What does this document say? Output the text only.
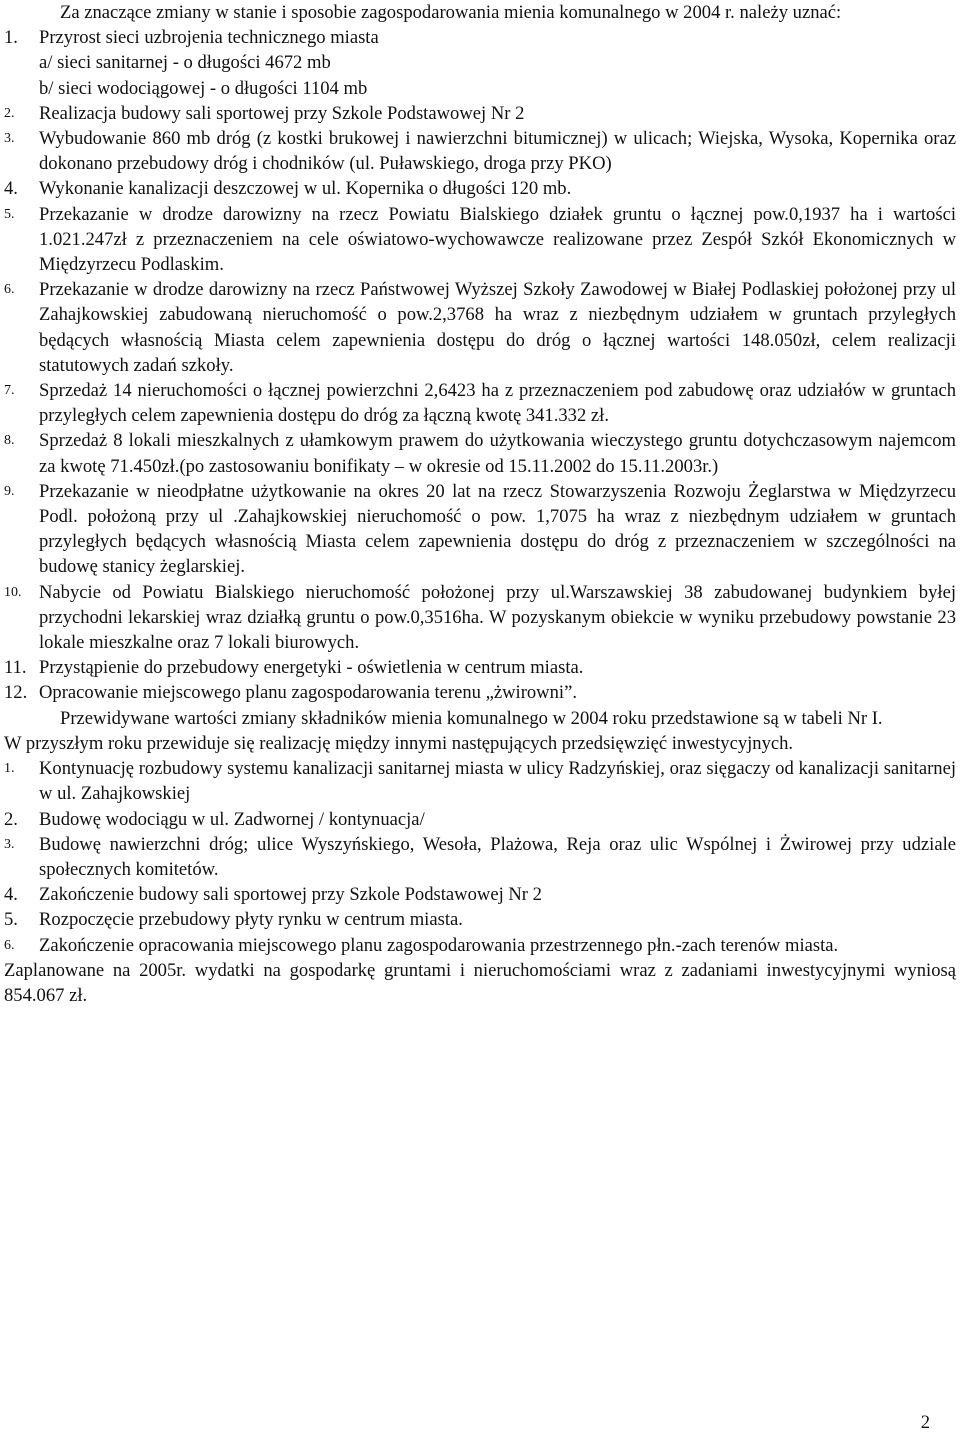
Za znaczące zmiany w stanie i sposobie zagospodarowania mienia komunalnego w 2004 r. należy uznać:

1.	Przyrost sieci uzbrojenia technicznego miasta

a/ sieci sanitarnej - o długości 4672 mb

b/ sieci wodociągowej - o długości 1104 mb

2.	Realizacja budowy sali sportowej przy Szkole Podstawowej Nr 2
3.	Wybudowanie 860 mb dróg (z kostki brukowej i nawierzchni bitumicznej) w ulicach; Wiejska, Wysoka, Kopernika oraz dokonano przebudowy dróg i chodników (ul. Puławskiego, droga przy PKO)
4.	Wykonanie kanalizacji deszczowej w ul. Kopernika o długości 120 mb.
5.	Przekazanie w drodze darowizny na rzecz Powiatu Bialskiego działek gruntu o łącznej pow.0,1937 ha i wartości 1.021.247zł z przeznaczeniem na cele oświatowo-wychowawcze realizowane przez Zespół Szkół Ekonomicznych w Międzyrzecu Podlaskim.
6.	Przekazanie w drodze darowizny na rzecz Państwowej Wyższej Szkoły Zawodowej w Białej Podlaskiej położonej przy ul Zahajkowskiej zabudowaną nieruchomość o pow.2,3768 ha wraz z niezbędnym udziałem w gruntach przyległych będących własnością Miasta celem zapewnienia dostępu do dróg o łącznej wartości 148.050zł, celem realizacji statutowych zadań szkoły.
7.	Sprzedaż 14 nieruchomości o łącznej powierzchni 2,6423 ha z przeznaczeniem pod zabudowę oraz udziałów w gruntach przyległych celem zapewnienia dostępu do dróg za łączną kwotę 341.332 zł.
8.	Sprzedaż 8 lokali mieszkalnych z ułamkowym prawem do użytkowania wieczystego gruntu dotychczasowym najemcom za kwotę 71.450zł.(po zastosowaniu bonifikaty – w okresie od 15.11.2002 do 15.11.2003r.)
9.	Przekazanie w nieodpłatne użytkowanie na okres 20 lat na rzecz Stowarzyszenia Rozwoju Żeglarstwa w Międzyrzecu Podl. położoną przy ul .Zahajkowskiej nieruchomość o pow. 1,7075 ha wraz z niezbędnym udziałem w gruntach przyległych będących własnością Miasta celem zapewnienia dostępu do dróg z przeznaczeniem w szczególności na budowę stanicy żeglarskiej.
10. Nabycie od Powiatu Bialskiego nieruchomość położonej przy ul.Warszawskiej 38 zabudowanej budynkiem byłej przychodni lekarskiej wraz działką gruntu o pow.0,3516ha. W pozyskanym obiekcie w wyniku przebudowy powstanie 23 lokale mieszkalne oraz 7 lokali biurowych.
11. Przystąpienie do przebudowy energetyki - oświetlenia w centrum miasta.
12. Opracowanie miejscowego planu zagospodarowania terenu „żwirowni”.

Przewidywane wartości zmiany składników mienia komunalnego w 2004 roku przedstawione są w tabeli Nr I.

W przyszłym roku przewiduje się realizację między innymi następujących przedsięwzięć inwestycyjnych.

1.	Kontynuację rozbudowy systemu kanalizacji sanitarnej miasta w ulicy Radzyńskiej, oraz sięgaczy od kanalizacji sanitarnej w ul. Zahajkowskiej
2.	Budowę wodociągu w ul. Zadwornej / kontynuacja/
3.	Budowę nawierzchni dróg; ulice Wyszyńskiego, Wesoła, Plażowa, Reja oraz ulic Wspólnej i Żwirowej przy udziale społecznych komitetów.
4.	Zakończenie budowy sali sportowej przy Szkole Podstawowej Nr 2
5.	Rozpoczęcie przebudowy płyty rynku w centrum miasta.
6.	Zakończenie opracowania miejscowego planu zagospodarowania przestrzennego płn.-zach terenów miasta.

Zaplanowane na 2005r. wydatki na gospodarkę gruntami i nieruchomościami wraz z zadaniami inwestycyjnymi wyniosą 854.067 zł.

2
